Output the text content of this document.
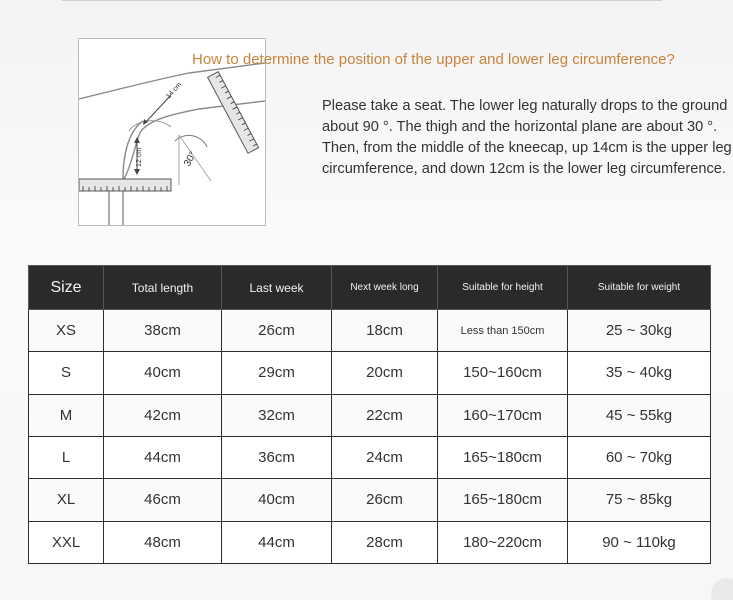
14 cm
12 cm	30°
How to determine the position of the upper and lower leg circumference?
Please take a seat. The lower leg naturally drops to the ground about 90 °. The thigh and the horizontal plane are about 30 °. Then, from the middle of the kneecap, up 14cm is the upper leg circumference, and down 12cm is the lower leg circumference.
Size	Total length	Last week	Next week long	Suitable for height	Suitable for weight
XS	38cm	26cm	18cm	Less than 150cm	25 ~ 30kg
S	40cm	29cm	20cm	150~160cm	35 ~ 40kg
M	42cm	32cm	22cm	160~170cm	45 ~ 55kg
L	44cm	36cm	24cm	165~180cm	60 ~ 70kg
XL	46cm	40cm	26cm	165~180cm	75 ~ 85kg
XXL	48cm	44cm	28cm	180~220cm	90 ~ 110kg
